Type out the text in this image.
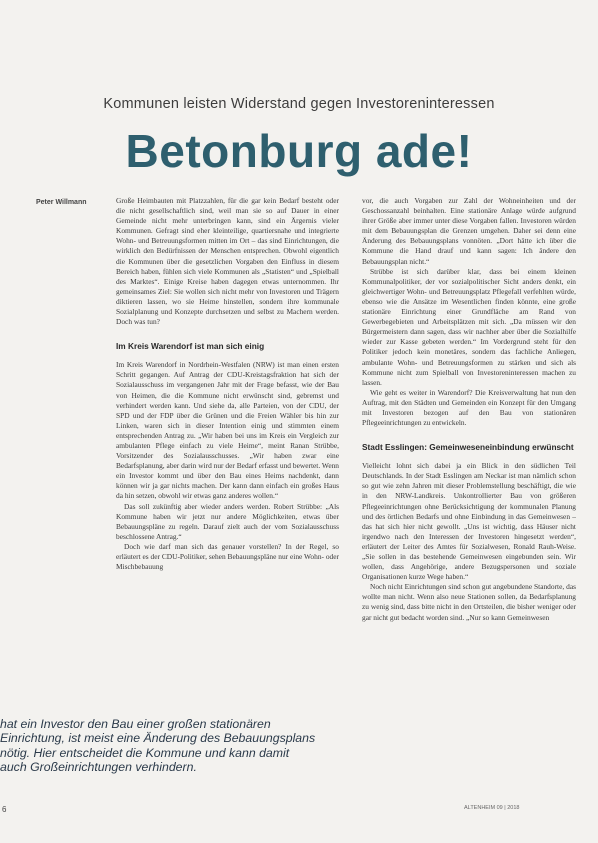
Kommunen leisten Widerstand gegen Investoreninteressen
Betonburg ade!
Peter Willmann	Große Heimbauten mit Platzzahlen, für die gar kein Bedarf besteht oder die nicht gesellschaftlich sind, weil man sie so auf Dauer in einer Gemeinde nicht mehr unterbringen kann, sind ein Ärgernis vieler Kommunen. Gefragt sind eher kleinteilige, quartiersnahe und integrierte Wohn- und Betreuungsformen mitten im Ort – das sind Einrichtungen, die wirklich den Bedürfnissen der Menschen entsprechen. Obwohl eigentlich die Kommunen über die gesetzlichen Vorgaben den Einfluss in diesem Bereich haben, fühlen sich viele Kommunen als „Statisten“ und „Spielball des Marktes“. Einige Kreise haben dagegen etwas unternommen. Ihr gemeinsames Ziel: Sie wollen sich nicht mehr von Investoren und Trägern diktieren lassen, wo sie Heime hinstellen, sondern ihre kommunale Sozialplanung und Konzepte durchsetzen und selbst zu Machern werden. Doch was tun?

Im Kreis Warendorf ist man sich einig

Im Kreis Warendorf in Nordrhein-Westfalen (NRW) ist man einen ersten Schritt gegangen. Auf Antrag der CDU-Kreistagsfraktion hat sich der Sozialausschuss im vergangenen Jahr mit der Frage befasst, wie der Bau von Heimen, die die Kommune nicht erwünscht sind, gebremst und verhindert werden kann. Und siehe da, alle Parteien, von der CDU, der SPD und der FDP über die Grünen und die Freien Wähler bis hin zur Linken, waren sich in dieser Intention einig und stimmten einem entsprechenden Antrag zu. „Wir haben bei uns im Kreis ein Vergleich zur ambulanten Pflege einfach zu viele Heime“, meint Ranan Strübbe, Vorsitzender des Sozialausschusses. „Wir haben zwar eine Bedarfsplanung, aber darin wird nur der Bedarf erfasst und bewertet. Wenn ein Investor kommt und über den Bau eines Heims nachdenkt, dann können wir ja gar nichts machen. Der kann dann einfach ein großes Haus da hin setzen, obwohl wir etwas ganz anderes wollen.“

Das soll zukünftig aber wieder anders werden. Robert Strübbe: „Als Kommune haben wir jetzt nur andere Möglichkeiten, etwas über Bebauungspläne zu regeln. Darauf zielt auch der vom Sozialausschuss beschlossene Antrag.“

Doch wie darf man sich das genauer vorstellen? In der Regel, so erläutert es der CDU-Politiker, sehen Bebauungspläne nur eine Wohn- oder Mischbebauung

vor, die auch Vorgaben zur Zahl der Wohneinheiten und der Geschossanzahl beinhalten. Eine stationäre Anlage würde aufgrund ihrer Größe aber immer unter diese Vorgaben fallen. Investoren würden mit dem Bebauungsplan die Grenzen umgehen. Daher sei denn eine Änderung des Bebauungsplans vonnöten. „Dort hätte ich über die Kommune die Hand drauf und kann sagen: Ich ändere den Bebauungsplan nicht.“

Strübbe ist sich darüber klar, dass bei einem kleinen Kommunalpolitiker, der vor sozialpolitischer Sicht anders denkt, ein gleichwertiger Wohn- und Betreuungsplatz Pflegefall verfehlten würde, ebenso wie die Ansätze im Wesentlichen finden könnte, eine große stationäre Einrichtung einer Grundfläche am Rand von Gewerbegebieten und Arbeitsplätzen mit sich. „Da müssen wir den Bürgermeistern dann sagen, dass wir nachher aber über die Sozialhilfe wieder zur Kasse gebeten werden.“ Im Vordergrund steht für den Politiker jedoch kein monetäres, sondern das fachliche Anliegen, ambulante Wohn- und Betreuungsformen zu stärken und sich als Kommune nicht zum Spielball von Investoreninteressen machen zu lassen.

Wie geht es weiter in Warendorf? Die Kreisverwaltung hat nun den Auftrag, mit den Städten und Gemeinden ein Konzept für den Umgang mit Investoren bezogen auf den Bau von stationären Pflegeeinrichtungen zu entwickeln.

Stadt Esslingen: Gemeinweseneinbindung erwünscht

Vielleicht lohnt sich dabei ja ein Blick in den südlichen Teil Deutschlands. In der Stadt Esslingen am Neckar ist man nämlich schon so gut wie zehn Jahren mit dieser Problemstellung beschäftigt, die wie in den NRW-Landkreis. Unkontrollierter Bau von größeren Pflegeeinrichtungen ohne Berücksichtigung der kommunalen Planung und des örtlichen Bedarfs und ohne Einbindung in das Gemeinwesen – das hat sich hier nicht gewollt. „Uns ist wichtig, dass Häuser nicht irgendwo nach den Interessen der Investoren hingesetzt werden“, erläutert der Leiter des Amtes für Sozialwesen, Ronald Rauh-Weise. „Sie sollen in das bestehende Gemeinwesen eingebunden sein. Wir wollen, dass Angehörige, andere Bezugspersonen und soziale Organisationen kurze Wege haben.“

Noch nicht Einrichtungen sind schon gut angebundene Standorte, das wollte man nicht. Wenn also neue Stationen sollen, da Bedarfsplanung zu wenig sind, dass bitte nicht in den Ortsteilen, die bisher weniger oder gar nicht gut bedacht worden sind. „Nur so kann Gemeinwesen

hat ein Investor den Bau einer großen stationären
Einrichtung, ist meist eine Änderung des Bebauungsplans
nötig. Hier entscheidet die Kommune und kann damit
auch Großeinrichtungen verhindern.
6	ALTENHEIM 09 | 2018
